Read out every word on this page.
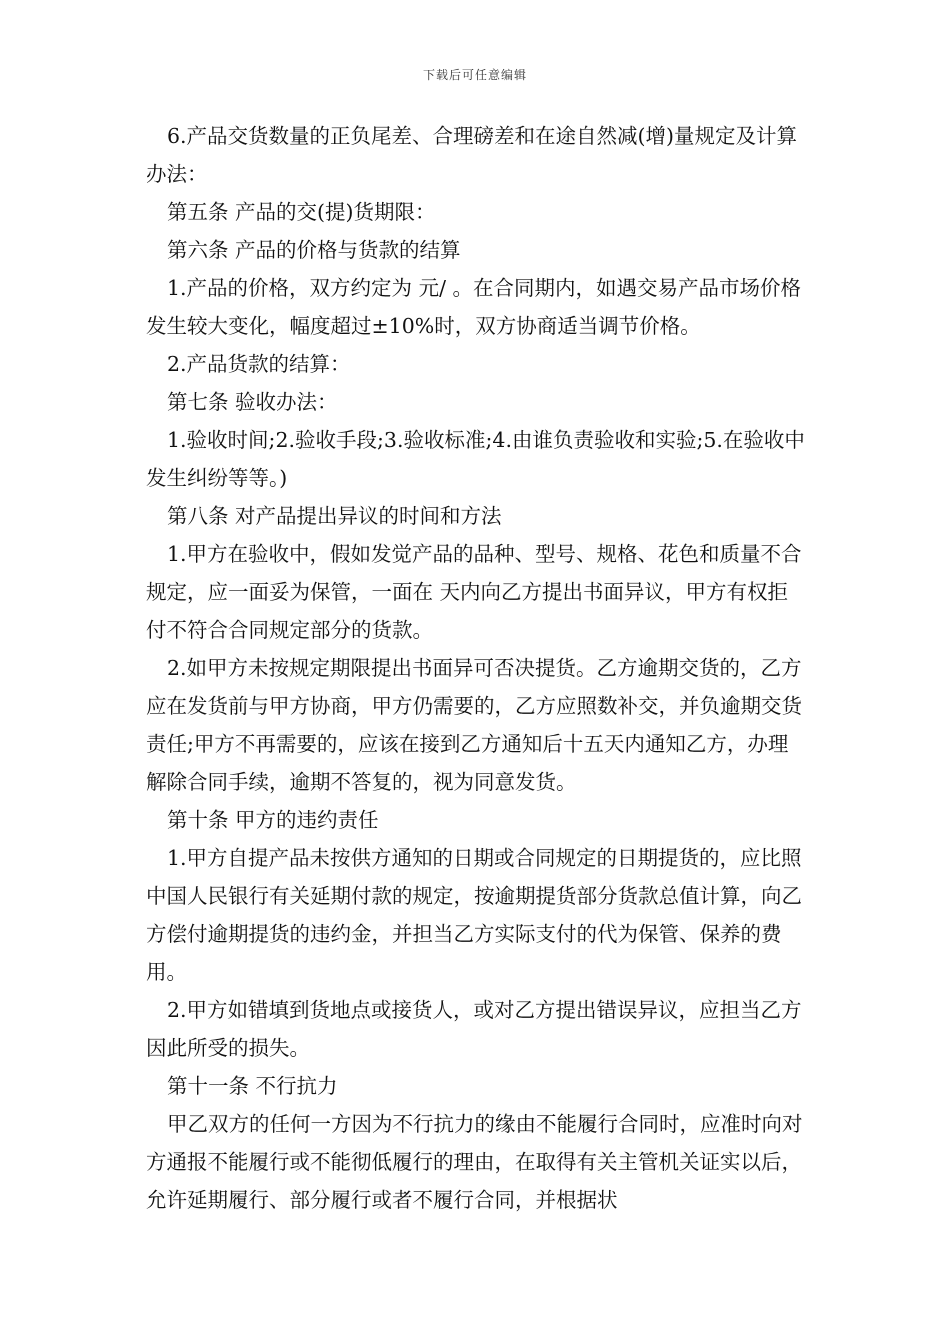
下载后可任意编辑

6.产品交货数量的正负尾差、合理磅差和在途自然减(增)量规定及计算办法：

第五条 产品的交(提)货期限：

第六条 产品的价格与货款的结算

1.产品的价格，双方约定为 元/ 。在合同期内，如遇交易产品市场价格发生较大变化，幅度超过±10%时，双方协商适当调节价格。

2.产品货款的结算：

第七条 验收办法：

1.验收时间;2.验收手段;3.验收标准;4.由谁负责验收和实验;5.在验收中发生纠纷等等。)

第八条 对产品提出异议的时间和方法

1.甲方在验收中，假如发觉产品的品种、型号、规格、花色和质量不合规定，应一面妥为保管，一面在 天内向乙方提出书面异议，甲方有权拒付不符合合同规定部分的货款。

2.如甲方未按规定期限提出书面异可否决提货。乙方逾期交货的，乙方应在发货前与甲方协商，甲方仍需要的，乙方应照数补交，并负逾期交货责任;甲方不再需要的，应该在接到乙方通知后十五天内通知乙方，办理解除合同手续，逾期不答复的，视为同意发货。

第十条 甲方的违约责任

1.甲方自提产品未按供方通知的日期或合同规定的日期提货的，应比照中国人民银行有关延期付款的规定，按逾期提货部分货款总值计算，向乙方偿付逾期提货的违约金，并担当乙方实际支付的代为保管、保养的费用。

2.甲方如错填到货地点或接货人，或对乙方提出错误异议，应担当乙方因此所受的损失。

第十一条 不行抗力

甲乙双方的任何一方因为不行抗力的缘由不能履行合同时，应准时向对方通报不能履行或不能彻低履行的理由，在取得有关主管机关证实以后，允许延期履行、部分履行或者不履行合同，并根据状
